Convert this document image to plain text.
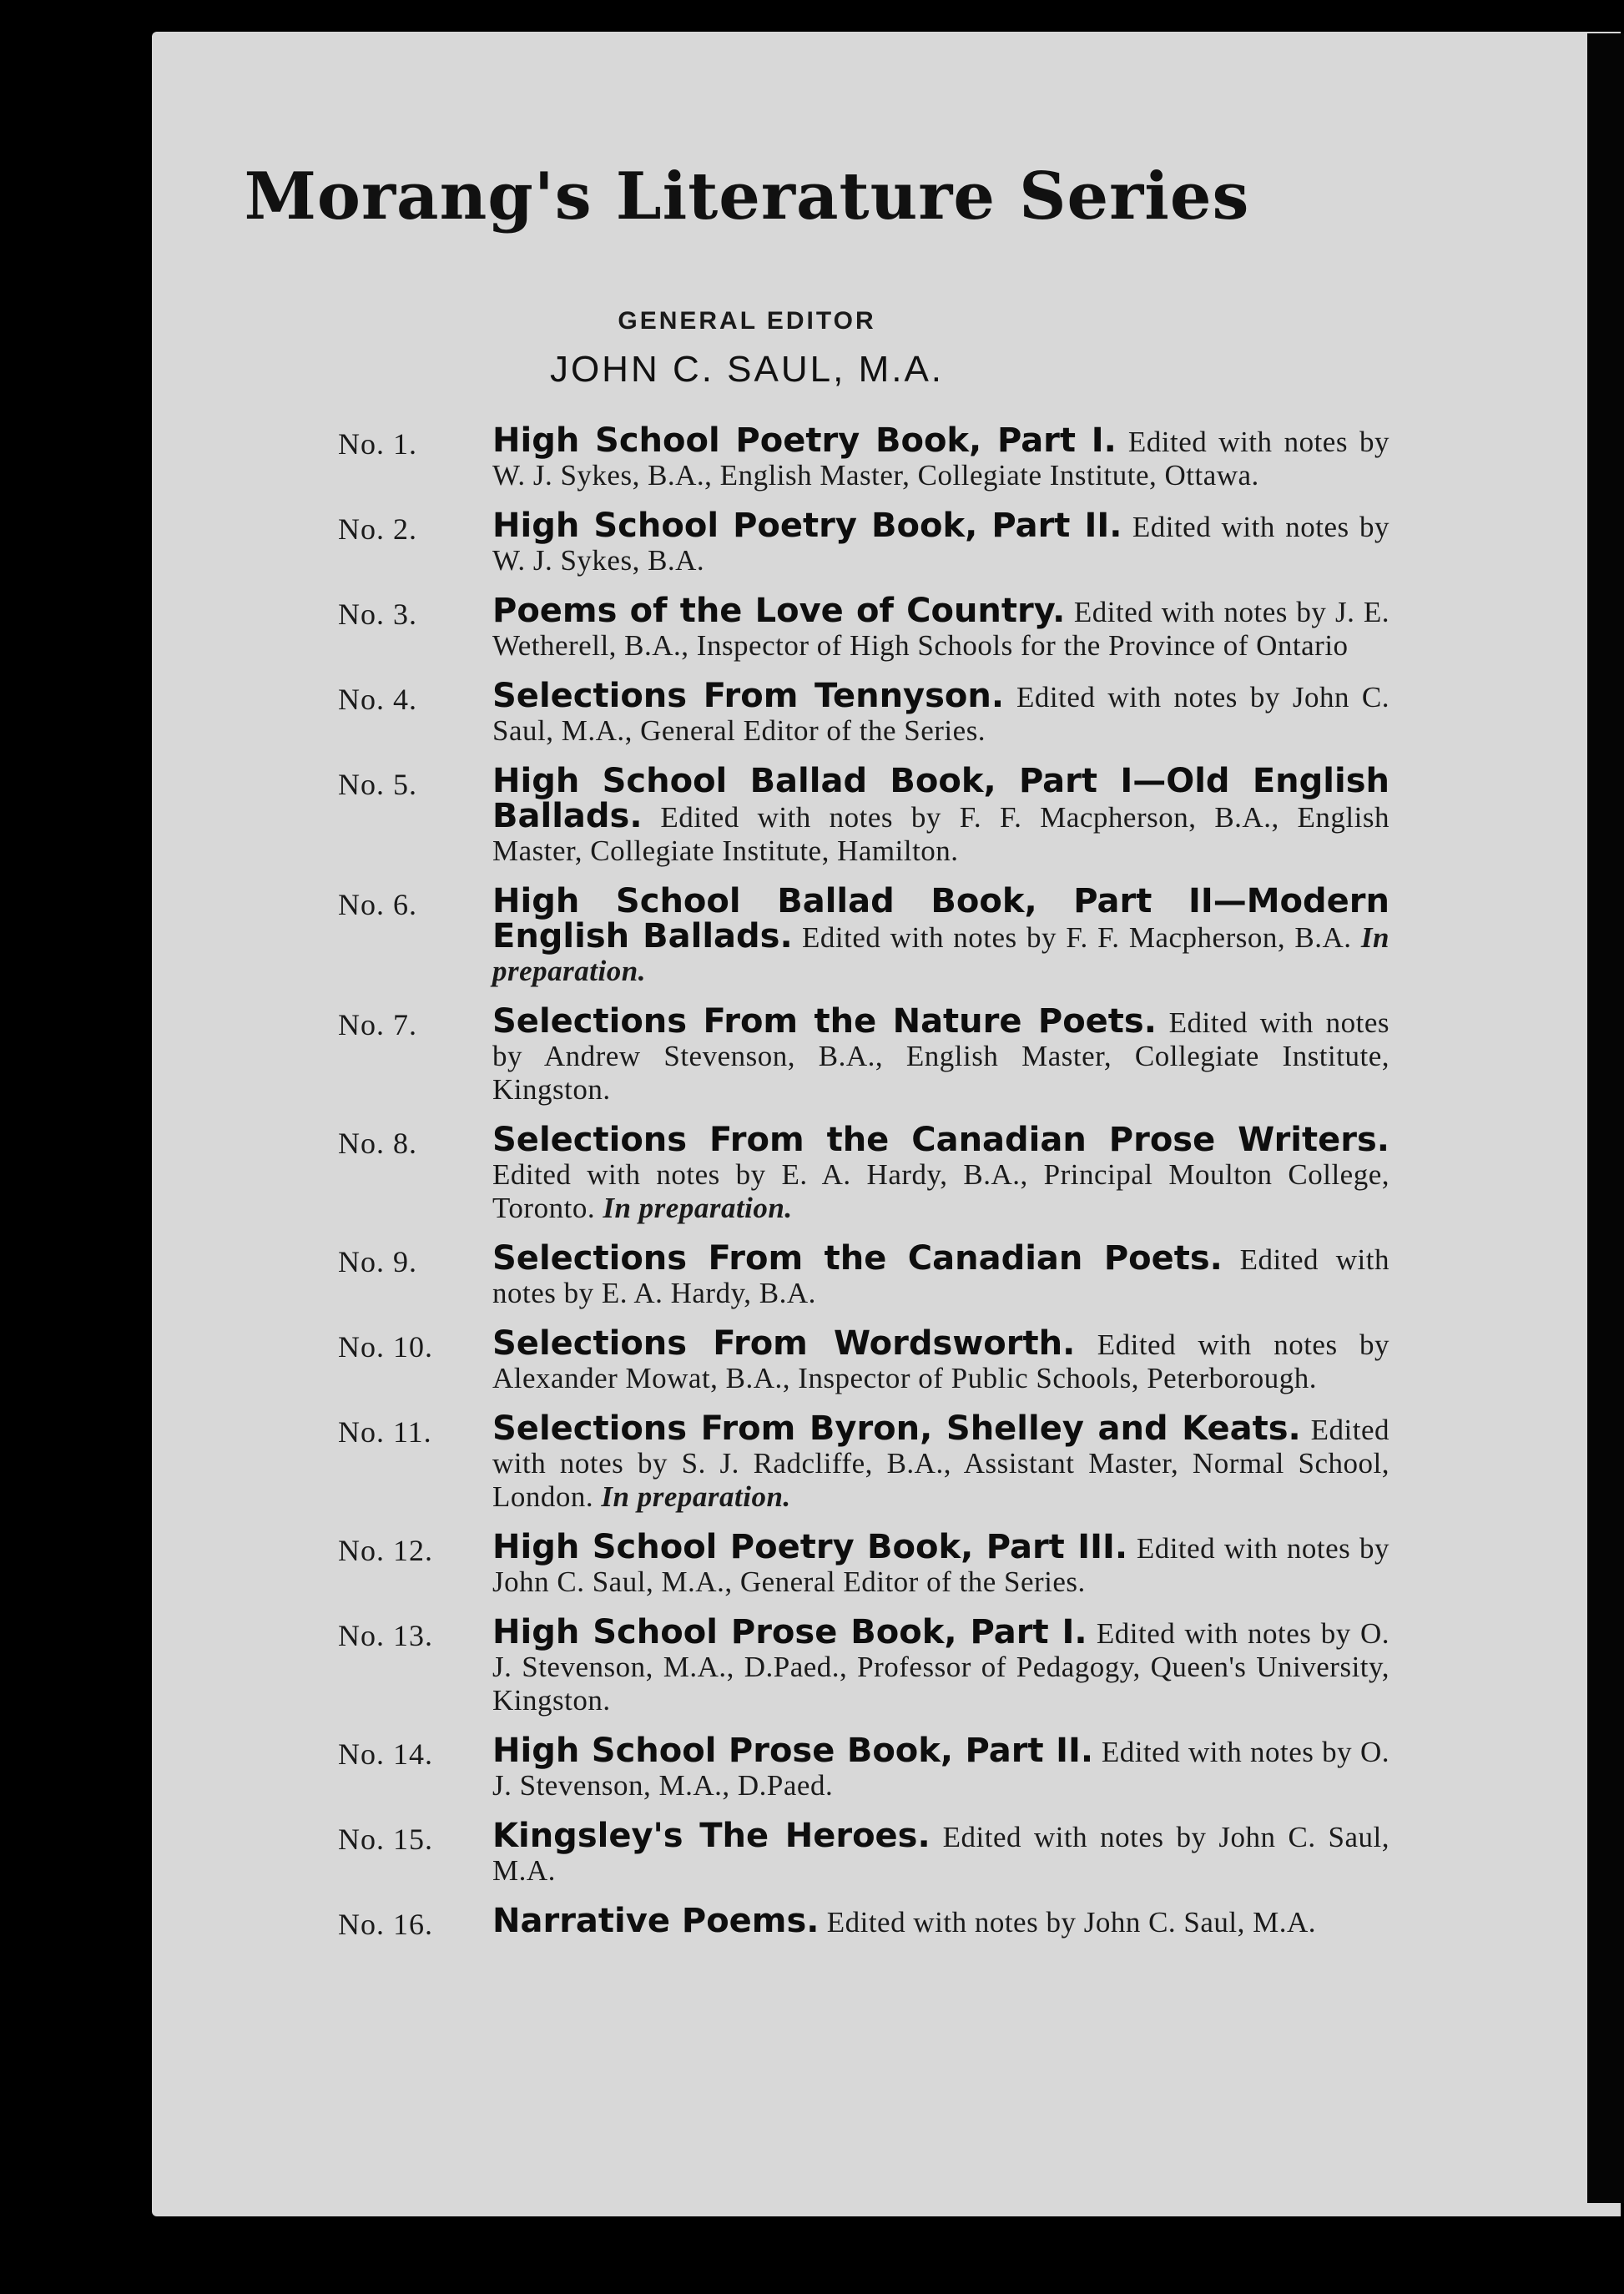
Morang's Literature Series
GENERAL EDITOR
JOHN C. SAUL, M.A.
No. 1.	High School Poetry Book, Part I. Edited with notes by W. J. Sykes, B.A., English Master, Collegiate Institute, Ottawa.
No. 2.	High School Poetry Book, Part II. Edited with notes by W. J. Sykes, B.A.
No. 3.	Poems of the Love of Country. Edited with notes by J. E. Wetherell, B.A., Inspector of High Schools for the Province of Ontario
No. 4.	Selections From Tennyson. Edited with notes by John C. Saul, M.A., General Editor of the Series.
No. 5.	High School Ballad Book, Part I—Old English Ballads. Edited with notes by F. F. Macpherson, B.A., English Master, Collegiate Institute, Hamilton.
No. 6.	High School Ballad Book, Part II—Modern English Ballads. Edited with notes by F. F. Macpherson, B.A. In preparation.
No. 7.	Selections From the Nature Poets. Edited with notes by Andrew Stevenson, B.A., English Master, Collegiate Institute, Kingston.
No. 8.	Selections From the Canadian Prose Writers. Edited with notes by E. A. Hardy, B.A., Principal Moulton College, Toronto. In preparation.
No. 9.	Selections From the Canadian Poets. Edited with notes by E. A. Hardy, B.A.
No. 10.	Selections From Wordsworth. Edited with notes by Alexander Mowat, B.A., Inspector of Public Schools, Peterborough.
No. 11.	Selections From Byron, Shelley and Keats. Edited with notes by S. J. Radcliffe, B.A., Assistant Master, Normal School, London. In preparation.
No. 12.	High School Poetry Book, Part III. Edited with notes by John C. Saul, M.A., General Editor of the Series.
No. 13.	High School Prose Book, Part I. Edited with notes by O. J. Stevenson, M.A., D.Paed., Professor of Pedagogy, Queen's University, Kingston.
No. 14.	High School Prose Book, Part II. Edited with notes by O. J. Stevenson, M.A., D.Paed.
No. 15.	Kingsley's The Heroes. Edited with notes by John C. Saul, M.A.
No. 16.	Narrative Poems. Edited with notes by John C. Saul, M.A.
